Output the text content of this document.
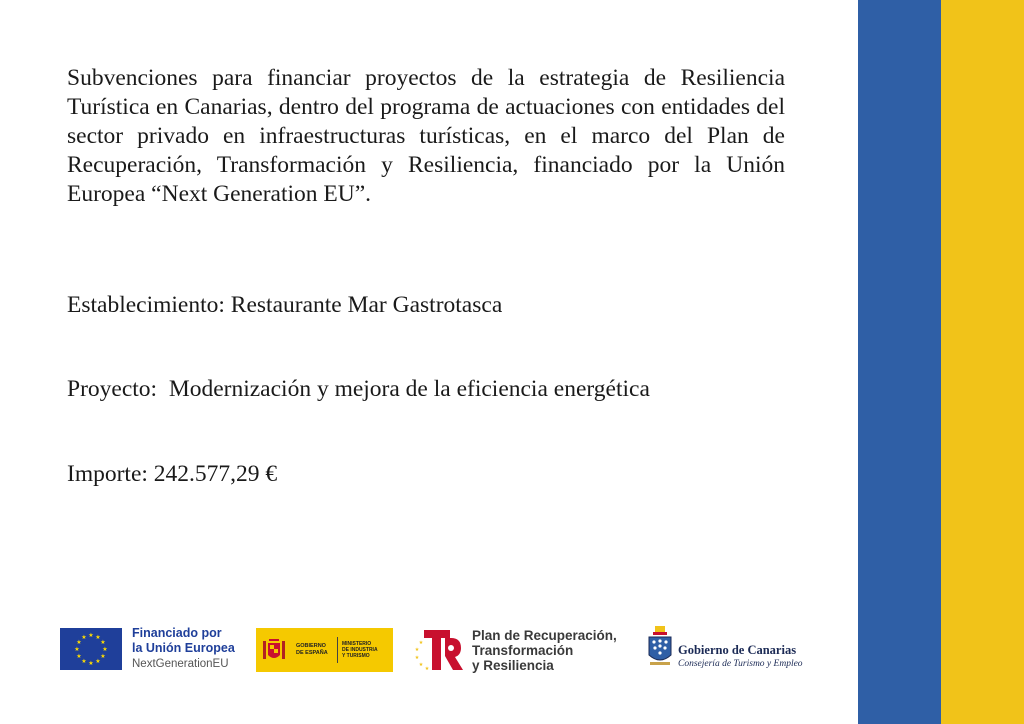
Subvenciones para financiar proyectos de la estrategia de Resiliencia Turística en Canarias, dentro del programa de actuaciones con entidades del sector privado en infraestructuras turísticas, en el marco del Plan de Recuperación, Transformación y Resiliencia, financiado por la Unión Europea “Next Generation EU”.

Establecimiento: Restaurante Mar Gastrotasca

Proyecto:  Modernización y mejora de la eficiencia energética

Importe: 242.577,29 €

★ ★
★
★
★
★
★
★
★
★
★
★	Financiado por
la Unión Europea
NextGenerationEU
GOBIERNO
DE ESPAÑA
MINISTERIO
DE INDUSTRIA
Y TURISMO
★
★
★
★
★
Plan de Recuperación,
Transformación
y Resiliencia
Gobierno de Canarias
Consejería de Turismo y Empleo
